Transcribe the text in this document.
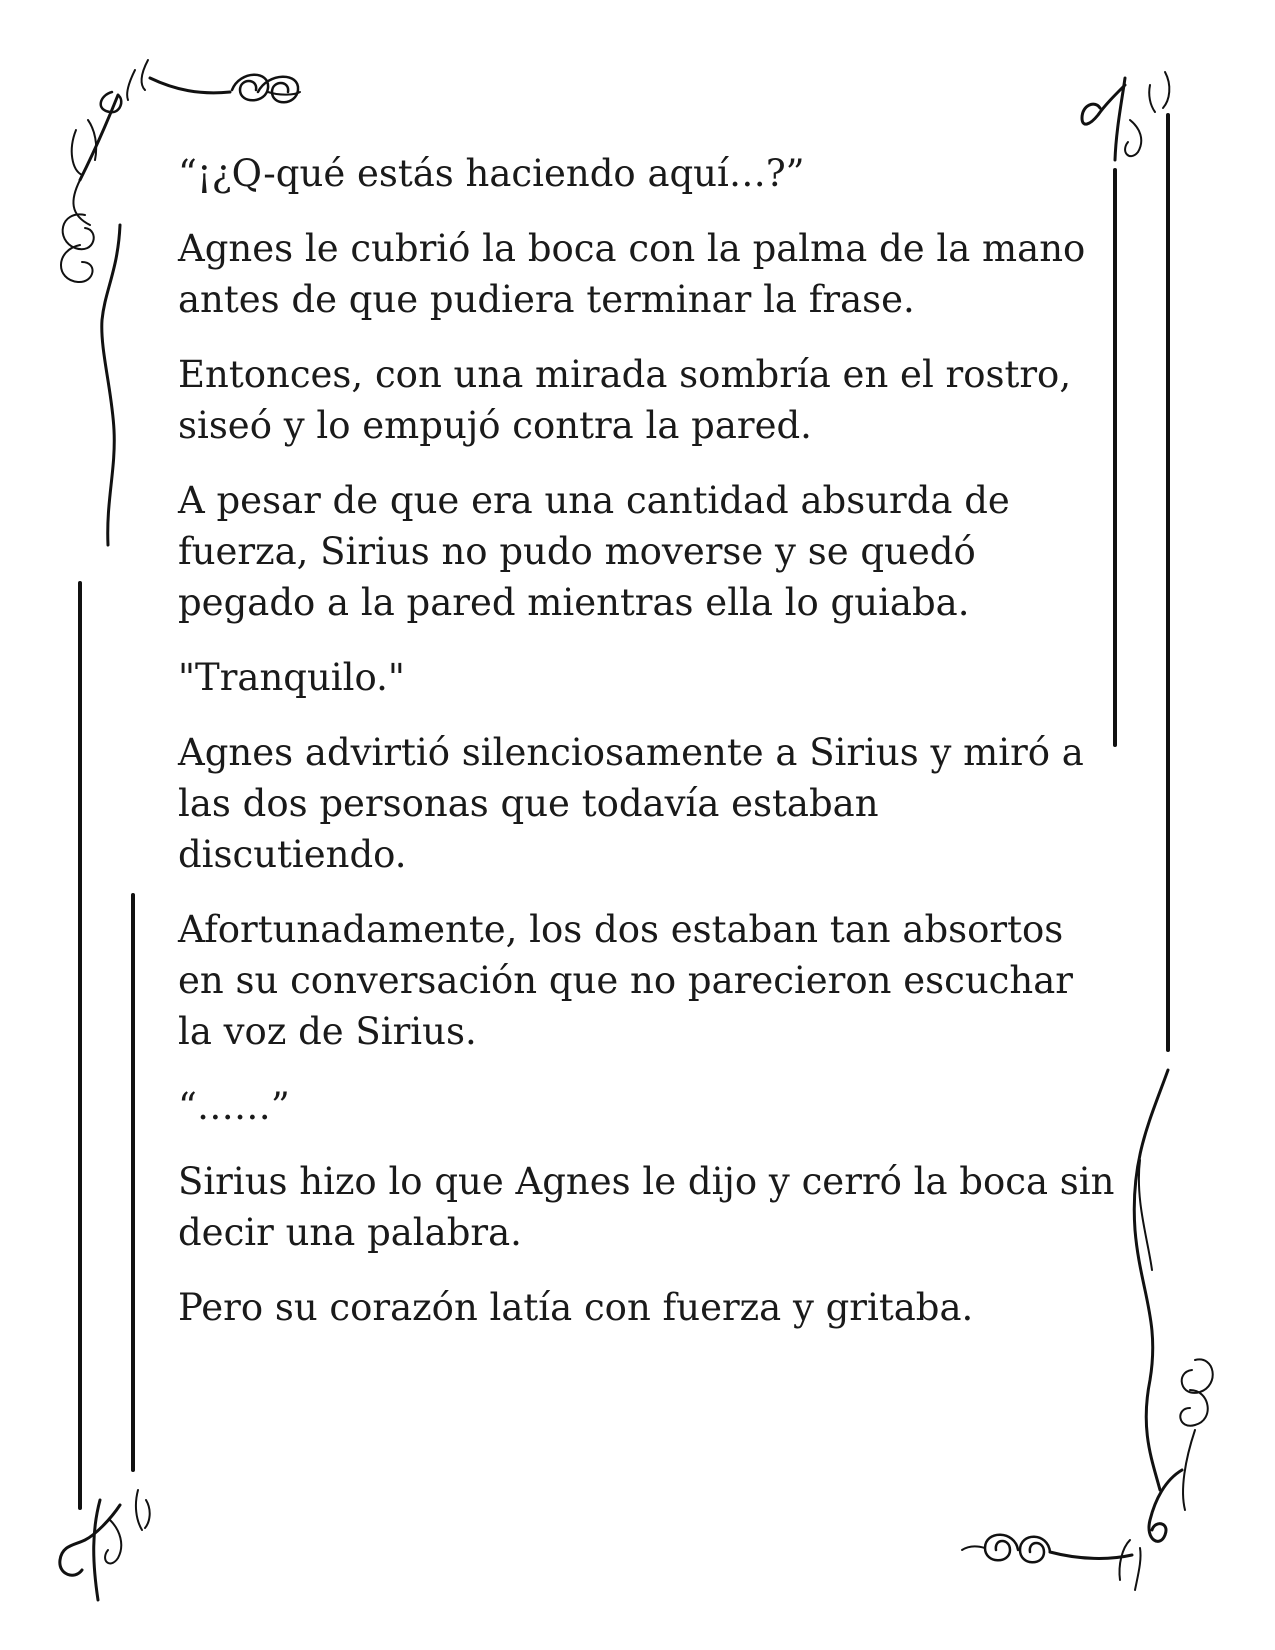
“¡¿Q-qué estás haciendo aquí…?”

Agnes le cubrió la boca con la palma de la mano antes de que pudiera terminar la frase.

Entonces, con una mirada sombría en el rostro, siseó y lo empujó contra la pared.

A pesar de que era una cantidad absurda de fuerza, Sirius no pudo moverse y se quedó pegado a la pared mientras ella lo guiaba.

"Tranquilo."

Agnes advirtió silenciosamente a Sirius y miró a las dos personas que todavía estaban discutiendo.

Afortunadamente, los dos estaban tan absortos en su conversación que no parecieron escuchar la voz de Sirius.

“……”

Sirius hizo lo que Agnes le dijo y cerró la boca sin decir una palabra.

Pero su corazón latía con fuerza y gritaba.
